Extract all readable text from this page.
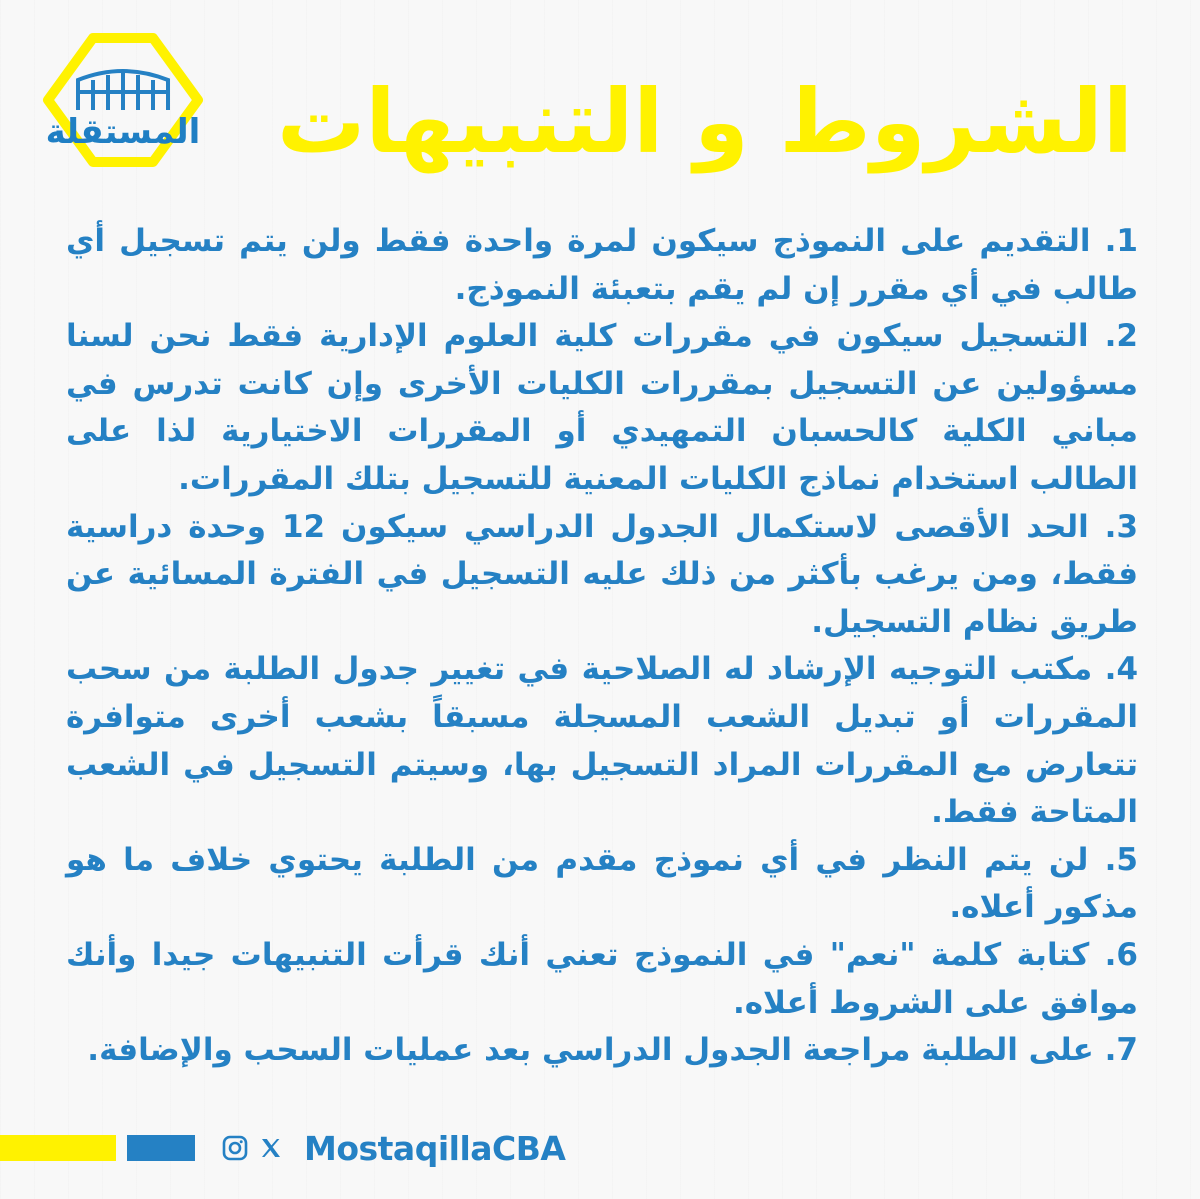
المستقلة الشروط و التنبيهات
1. التقديم على النموذج سيكون لمرة واحدة فقط ولن يتم تسجيل أي طالب في أي مقرر إن لم يقم بتعبئة النموذج.
2. التسجيل سيكون في مقررات كلية العلوم الإدارية فقط نحن لسنا مسؤولين عن التسجيل بمقررات الكليات الأخرى وإن كانت تدرس في مباني الكلية كالحسبان التمهيدي أو المقررات الاختيارية لذا على الطالب استخدام نماذج الكليات المعنية للتسجيل بتلك المقررات.
3. الحد الأقصى لاستكمال الجدول الدراسي سيكون 12 وحدة دراسية فقط، ومن يرغب بأكثر من ذلك عليه التسجيل في الفترة المسائية عن طريق نظام التسجيل.
4. مكتب التوجيه الإرشاد له الصلاحية في تغيير جدول الطلبة من سحب المقررات أو تبديل الشعب المسجلة مسبقاً بشعب أخرى متوافرة تتعارض مع المقررات المراد التسجيل بها، وسيتم التسجيل في الشعب المتاحة فقط.
5. لن يتم النظر في أي نموذج مقدم من الطلبة يحتوي خلاف ما هو مذكور أعلاه.
6. كتابة كلمة "نعم" في النموذج تعني أنك قرأت التنبيهات جيدا وأنك موافق على الشروط أعلاه.
7. على الطلبة مراجعة الجدول الدراسي بعد عمليات السحب والإضافة.
MostaqillaCBA
